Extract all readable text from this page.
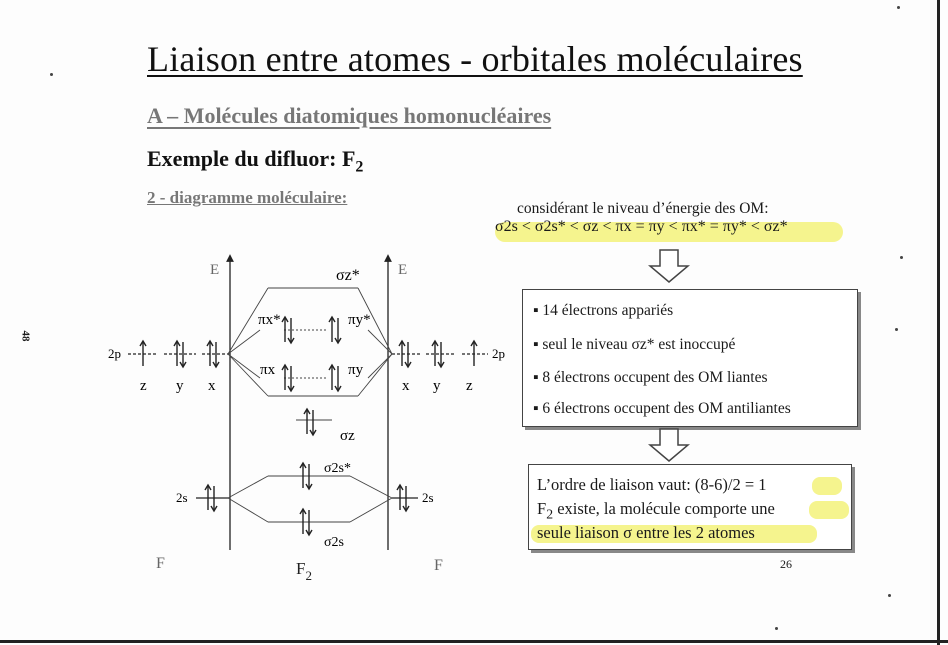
Liaison entre atomes - orbitales moléculaires
A – Molécules diatomiques homonucléaires
Exemple du difluor: $F_2$
2 - diagramme moléculaire:
48
considérant le niveau d’énergie des OM:
σ2s < σ2s* < σz < πx = πy < πx* = πy* < σz*
▪ 14 électrons appariés
▪ seul le niveau σz* est inoccupé
▪ 8 électrons occupent des OM liantes
▪ 6 électrons occupent des OM antiliantes
L’ordre de liaison vaut: (8-6)/2 = 1
$F_2$ existe, la molécule comporte une
seule liaison σ entre les 2 atomes
26
E	E
2p
z y x
2p
x y z
σz*
πx*	πy*
πx	πy
σz
2s	2s
σ2s*
σ2s
F	$F_2$
F
